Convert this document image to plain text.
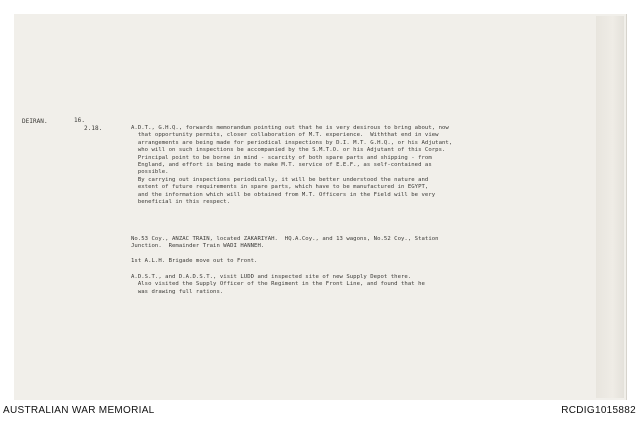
DEIRAN.	16.
2.18.	A.D.T., G.H.Q., forwards memorandum pointing out that he is very desirous to bring about, now
that opportunity permits, closer collaboration of M.T. experience.  Withthat end in view
arrangements are being made for periodical inspections by D.I. M.T. G.H.Q., or his Adjutant,
who will on such inspections be accompanied by the S.M.T.O. or his Adjutant of this Corps.
Principal point to be borne in mind - scarcity of both spare parts and shipping - from
England, and effort is being made to make M.T. service of E.E.F., as self-contained as
possible.
By carrying out inspections periodically, it will be better understood the nature and
extent of future requirements in spare parts, which have to be manufactured in EGYPT,
and the information which will be obtained from M.T. Officers in the Field will be very
beneficial in this respect.
No.53 Coy., ANZAC TRAIN, located ZAKARIYAH.  HQ.A.Coy., and 13 wagons, No.52 Coy., Station
Junction.  Remainder Train WADI HANNEH.
1st A.L.H. Brigade move out to Front.
A.D.S.T., and D.A.D.S.T., visit LUDD and inspected site of new Supply Depot there.
Also visited the Supply Officer of the Regiment in the Front Line, and found that he
was drawing full rations.
AUSTRALIAN WAR MEMORIAL	RCDIG1015882
